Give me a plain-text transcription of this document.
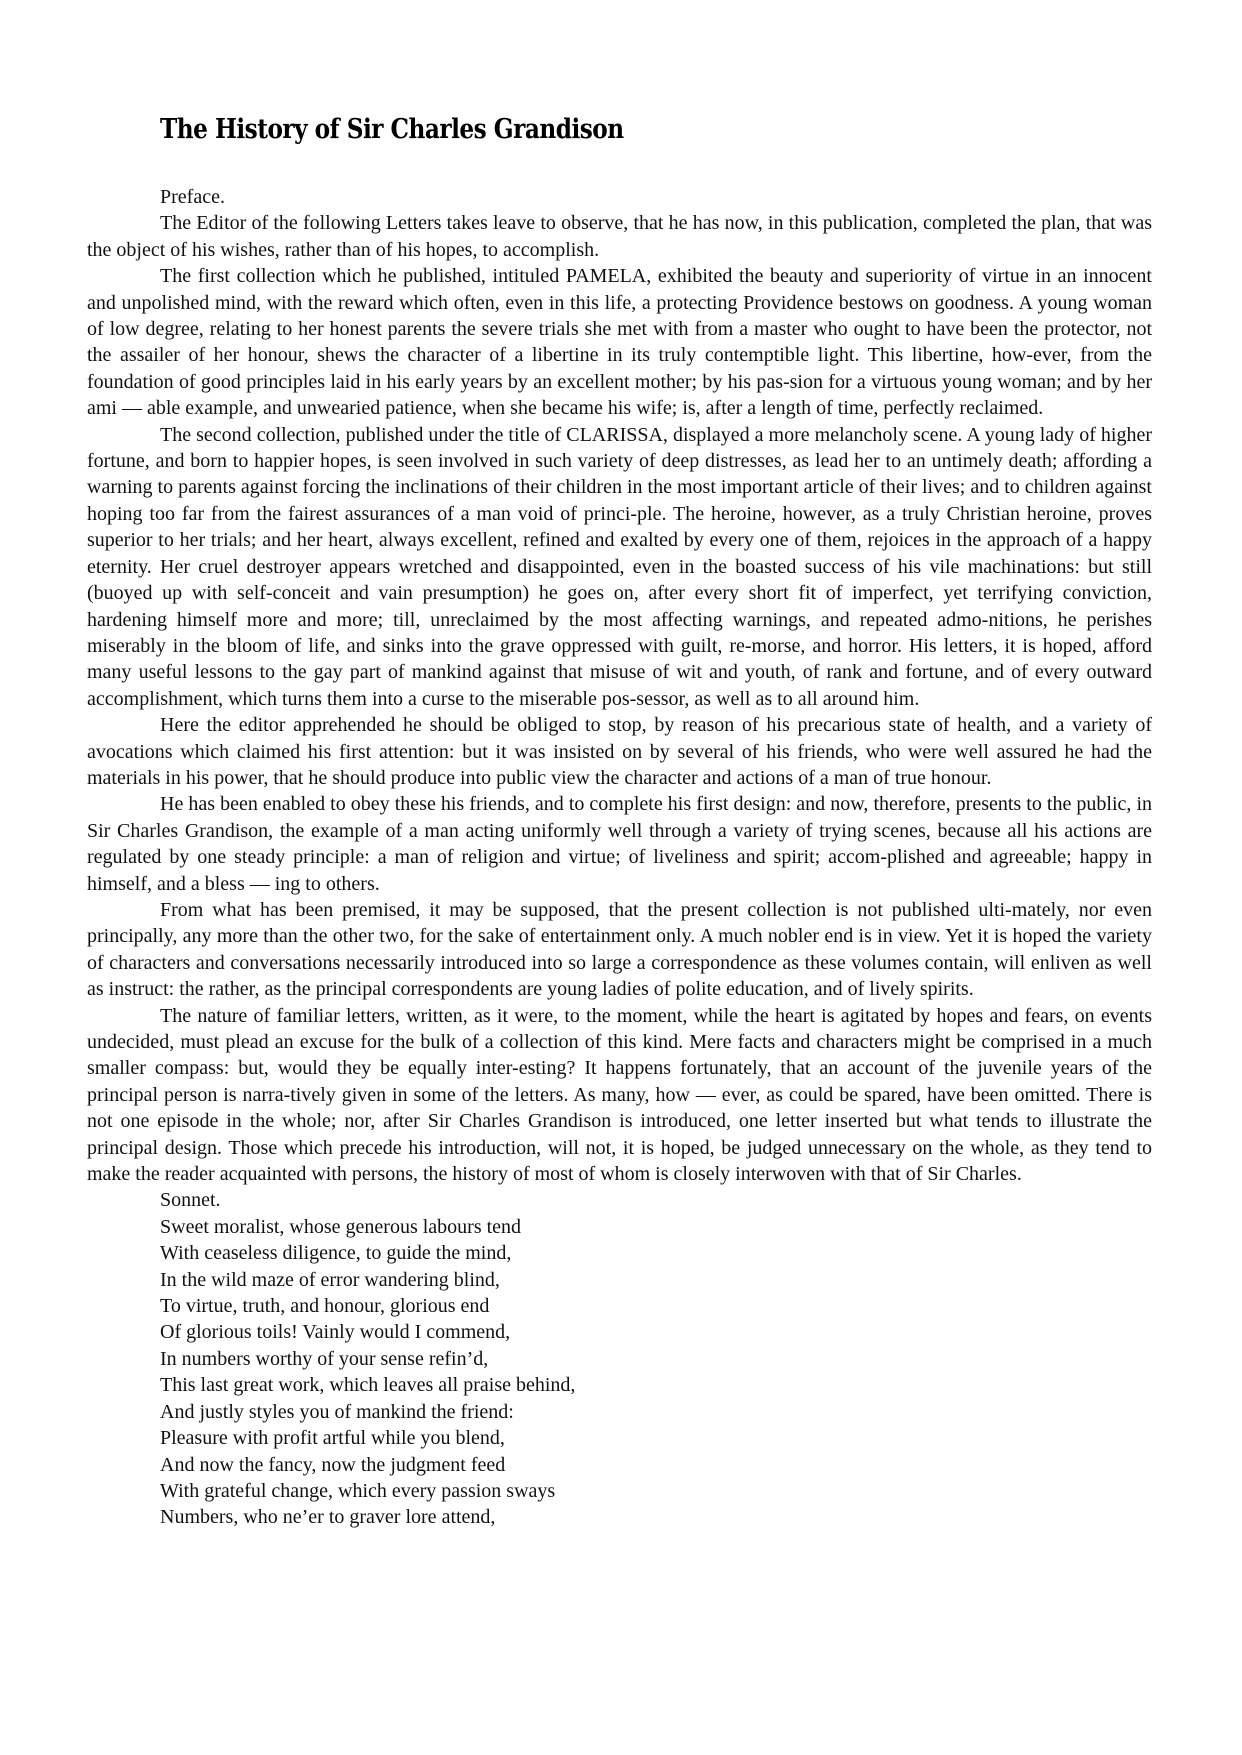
The History of Sir Charles Grandison

Preface.

The Editor of the following Letters takes leave to observe, that he has now, in this publication, completed the plan, that was the object of his wishes, rather than of his hopes, to accomplish.

The first collection which he published, intituled PAMELA, exhibited the beauty and superiority of virtue in an innocent and unpolished mind, with the reward which often, even in this life, a protecting Providence bestows on goodness. A young woman of low degree, relating to her honest parents the severe trials she met with from a master who ought to have been the protector, not the assailer of her honour, shews the character of a libertine in its truly contemptible light. This libertine, how-ever, from the foundation of good principles laid in his early years by an excellent mother; by his pas-sion for a virtuous young woman; and by her ami — able example, and unwearied patience, when she became his wife; is, after a length of time, perfectly reclaimed.

The second collection, published under the title of CLARISSA, displayed a more melancholy scene. A young lady of higher fortune, and born to happier hopes, is seen involved in such variety of deep distresses, as lead her to an untimely death; affording a warning to parents against forcing the inclinations of their children in the most important article of their lives; and to children against hoping too far from the fairest assurances of a man void of princi-ple. The heroine, however, as a truly Christian heroine, proves superior to her trials; and her heart, always excellent, refined and exalted by every one of them, rejoices in the approach of a happy eternity. Her cruel destroyer appears wretched and disappointed, even in the boasted success of his vile machinations: but still (buoyed up with self-conceit and vain presumption) he goes on, after every short fit of imperfect, yet terrifying conviction, hardening himself more and more; till, unreclaimed by the most affecting warnings, and repeated admo-nitions, he perishes miserably in the bloom of life, and sinks into the grave oppressed with guilt, re-morse, and horror. His letters, it is hoped, afford many useful lessons to the gay part of mankind against that misuse of wit and youth, of rank and fortune, and of every outward accomplishment, which turns them into a curse to the miserable pos-sessor, as well as to all around him.

Here the editor apprehended he should be obliged to stop, by reason of his precarious state of health, and a variety of avocations which claimed his first attention: but it was insisted on by several of his friends, who were well assured he had the materials in his power, that he should produce into public view the character and actions of a man of true honour.

He has been enabled to obey these his friends, and to complete his first design: and now, therefore, presents to the public, in Sir Charles Grandison, the example of a man acting uniformly well through a variety of trying scenes, because all his actions are regulated by one steady principle: a man of religion and virtue; of liveliness and spirit; accom-plished and agreeable; happy in himself, and a bless — ing to others.

From what has been premised, it may be supposed, that the present collection is not published ulti-mately, nor even principally, any more than the other two, for the sake of entertainment only. A much nobler end is in view. Yet it is hoped the variety of characters and conversations necessarily introduced into so large a correspondence as these volumes contain, will enliven as well as instruct: the rather, as the principal correspondents are young ladies of polite education, and of lively spirits.

The nature of familiar letters, written, as it were, to the moment, while the heart is agitated by hopes and fears, on events undecided, must plead an excuse for the bulk of a collection of this kind. Mere facts and characters might be comprised in a much smaller compass: but, would they be equally inter-esting? It happens fortunately, that an account of the juvenile years of the principal person is narra-tively given in some of the letters. As many, how — ever, as could be spared, have been omitted. There is not one episode in the whole; nor, after Sir Charles Grandison is introduced, one letter inserted but what tends to illustrate the principal design. Those which precede his introduction, will not, it is hoped, be judged unnecessary on the whole, as they tend to make the reader acquainted with persons, the history of most of whom is closely interwoven with that of Sir Charles.

Sonnet.

Sweet moralist, whose generous labours tend

With ceaseless diligence, to guide the mind,

In the wild maze of error wandering blind,

To virtue, truth, and honour, glorious end

Of glorious toils! Vainly would I commend,

In numbers worthy of your sense refin’d,

This last great work, which leaves all praise behind,

And justly styles you of mankind the friend:

Pleasure with profit artful while you blend,

And now the fancy, now the judgment feed

With grateful change, which every passion sways

Numbers, who ne’er to graver lore attend,
